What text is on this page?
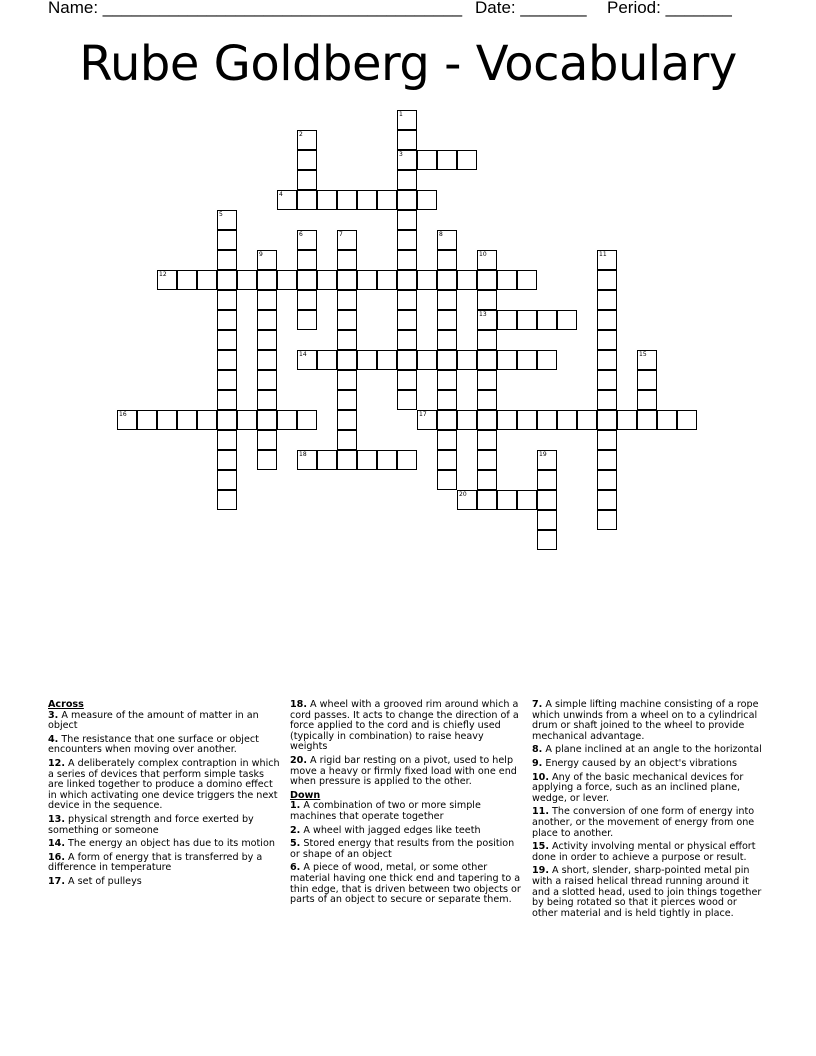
Name: ______________________________________ Date: _______ Period: _______
Rube Goldberg - Vocabulary
1
3
2
4
5
6	7	8
9	10
13
11
12
14	15
16	17
18	19
20

Across

3. A measure of the amount of matter in an object

4. The resistance that one surface or object encounters when moving over another.

12. A deliberately complex contraption in which a series of devices that perform simple tasks are linked together to produce a domino effect in which activating one device triggers the next device in the sequence.

13. physical strength and force exerted by something or someone

14. The energy an object has due to its motion

16. A form of energy that is transferred by a difference in temperature

17. A set of pulleys

18. A wheel with a grooved rim around which a cord passes. It acts to change the direction of a force applied to the cord and is chiefly used (typically in combination) to raise heavy weights

20. A rigid bar resting on a pivot, used to help move a heavy or firmly fixed load with one end when pressure is applied to the other.

Down

1. A combination of two or more simple machines that operate together

2. A wheel with jagged edges like teeth

5. Stored energy that results from the position or shape of an object

6. A piece of wood, metal, or some other material having one thick end and tapering to a thin edge, that is driven between two objects or parts of an object to secure or separate them.

7. A simple lifting machine consisting of a rope which unwinds from a wheel on to a cylindrical drum or shaft joined to the wheel to provide mechanical advantage.

8. A plane inclined at an angle to the horizontal

9. Energy caused by an object's vibrations

10. Any of the basic mechanical devices for applying a force, such as an inclined plane, wedge, or lever.

11. The conversion of one form of energy into another, or the movement of energy from one place to another.

15. Activity involving mental or physical effort done in order to achieve a purpose or result.

19. A short, slender, sharp-pointed metal pin with a raised helical thread running around it and a slotted head, used to join things together by being rotated so that it pierces wood or other material and is held tightly in place.
